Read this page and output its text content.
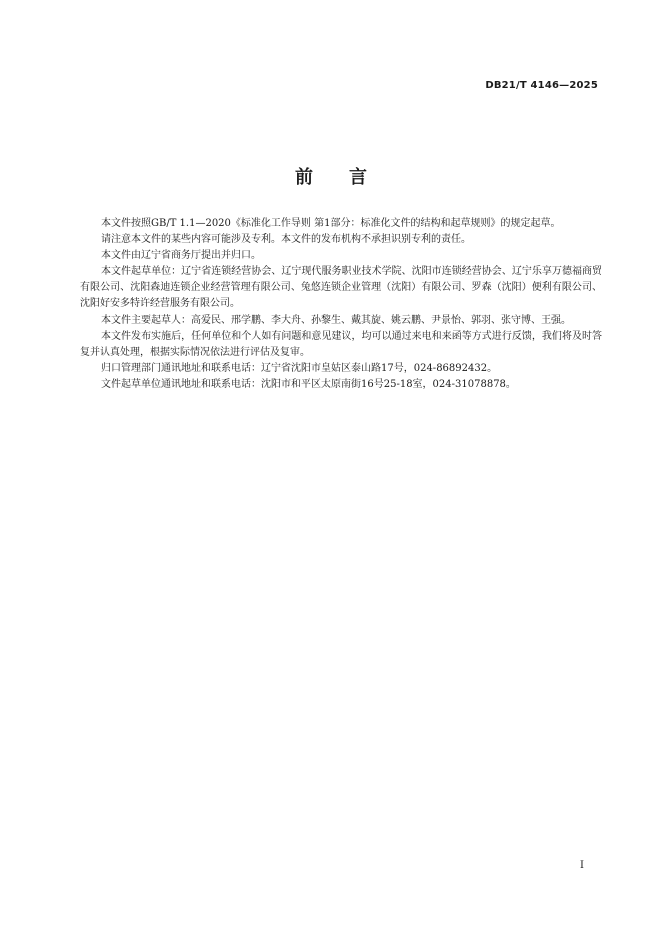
DB21/T 4146—2025
前 言

本文件按照GB/T 1.1—2020《标准化工作导则 第1部分：标准化文件的结构和起草规则》的规定起草。

请注意本文件的某些内容可能涉及专利。本文件的发布机构不承担识别专利的责任。

本文件由辽宁省商务厅提出并归口。

本文件起草单位：辽宁省连锁经营协会、辽宁现代服务职业技术学院、沈阳市连锁经营协会、辽宁乐享万德福商贸有限公司、沈阳森迪连锁企业经营管理有限公司、兔悠连锁企业管理（沈阳）有限公司、罗森（沈阳）便利有限公司、沈阳好安多特许经营服务有限公司。

本文件主要起草人：高爱民、邢学鹏、李大舟、孙黎生、戴其旋、姚云鹏、尹景怡、郭羽、张守博、王强。

本文件发布实施后，任何单位和个人如有问题和意见建议，均可以通过来电和来函等方式进行反馈，我们将及时答复并认真处理，根据实际情况依法进行评估及复审。

归口管理部门通讯地址和联系电话：辽宁省沈阳市皇姑区泰山路17号，024-86892432。

文件起草单位通讯地址和联系电话：沈阳市和平区太原南街16号25-18室，024-31078878。

I
